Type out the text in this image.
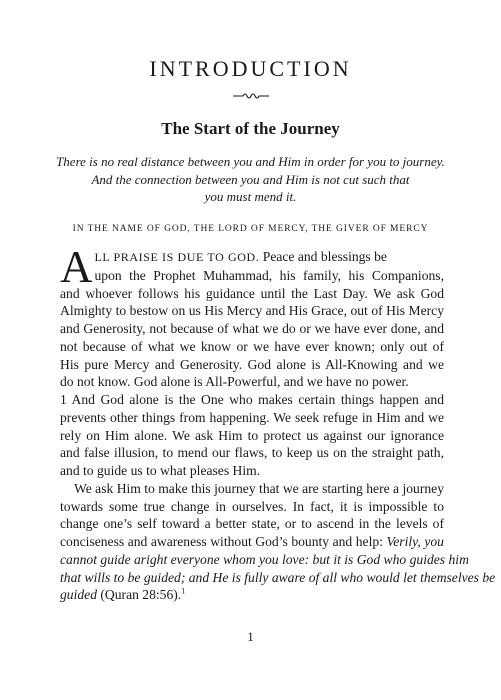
INTRODUCTION
The Start of the Journey
There is no real distance between you and Him in order for you to journey.
And the connection between you and Him is not cut such that
you must mend it.
IN THE NAME OF GOD, THE LORD OF MERCY, THE GIVER OF MERCY
A LL PRAISE IS DUE TO GOD. Peace and blessings be
upon the Prophet Muhammad, his family, his Companions,
and whoever follows his guidance until the Last Day. We ask God
Almighty to bestow on us His Mercy and His Grace, out of His Mercy
and Generosity, not because of what we do or we have ever done, and
not because of what we know or we have ever known; only out of
His pure Mercy and Generosity. God alone is All-Knowing and we
do not know. God alone is All-Powerful, and we have no power.
1 And God alone is the One who makes certain things happen and
prevents other things from happening. We seek refuge in Him and we
rely on Him alone. We ask Him to protect us against our ignorance
and false illusion, to mend our flaws, to keep us on the straight path,
and to guide us to what pleases Him.
We ask Him to make this journey that we are starting here a journey
towards some true change in ourselves. In fact, it is impossible to
change one’s self toward a better state, or to ascend in the levels of
conciseness and awareness without God’s bounty and help: Verily, you
cannot guide aright everyone whom you love: but it is God who guides him
that wills to be guided; and He is fully aware of all who would let themselves be
guided (Quran 28:56).$^1$
1
